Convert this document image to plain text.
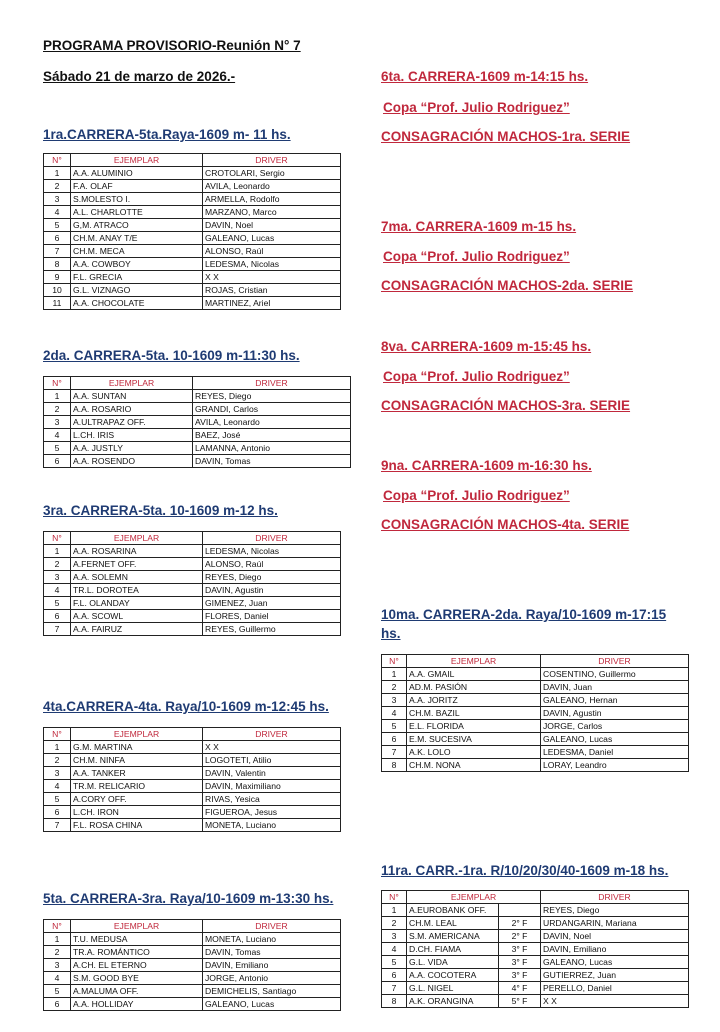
PROGRAMA PROVISORIO-Reunión N° 7
Sábado 21 de marzo de 2026.-
1ra.CARRERA-5ta.Raya-1609 m- 11 hs.
N°	EJEMPLAR	DRIVER
1	A.A. ALUMINIO	CROTOLARI, Sergio
2	F.A. OLAF	AVILA, Leonardo
3	S.MOLESTO I.	ARMELLA, Rodolfo
4	A.L. CHARLOTTE	MARZANO, Marco
5	G,M. ATRACO	DAVIN, Noel
6	CH.M. ANAY T/E	GALEANO, Lucas
7	CH.M. MECA	ALONSO, Raúl
8	A.A. COWBOY	LEDESMA, Nicolas
9	F.L. GRECIA	X X
10	G.L. VIZNAGO	ROJAS, Cristian
11	A.A. CHOCOLATE	MARTINEZ, Ariel
2da. CARRERA-5ta. 10-1609 m-11:30 hs.
N°	EJEMPLAR	DRIVER
1	A.A. SUNTAN	REYES, Diego
2	A.A. ROSARIO	GRANDI, Carlos
3	A.ULTRAPAZ OFF.	AVILA, Leonardo
4	L.CH. IRIS	BAEZ, José
5	A.A. JUSTLY	LAMANNA, Antonio
6	A.A. ROSENDO	DAVIN, Tomas
3ra. CARRERA-5ta. 10-1609 m-12 hs.
N°	EJEMPLAR	DRIVER
1	A.A. ROSARINA	LEDESMA, Nicolas
2	A.FERNET OFF.	ALONSO, Raúl
3	A.A. SOLEMN	REYES, Diego
4	TR.L. DOROTEA	DAVIN, Agustin
5	F.L. OLANDAY	GIMENEZ, Juan
6	A.A. SCOWL	FLORES, Daniel
7	A.A. FAIRUZ	REYES, Guillermo
4ta.CARRERA-4ta. Raya/10-1609 m-12:45 hs.
N°	EJEMPLAR	DRIVER
1	G.M. MARTINA	X X
2	CH.M. NINFA	LOGOTETI, Atilio
3	A.A. TANKER	DAVIN, Valentin
4	TR.M. RELICARIO	DAVIN, Maximiliano
5	A.CORY OFF.	RIVAS, Yesica
6	L.CH. IRON	FIGUEROA, Jesus
7	F.L. ROSA CHINA	MONETA, Luciano
5ta. CARRERA-3ra. Raya/10-1609 m-13:30 hs.
N°	EJEMPLAR	DRIVER
1	T.U. MEDUSA	MONETA, Luciano
2	TR.A. ROMÁNTICO	DAVIN, Tomas
3	A.CH. EL ETERNO	DAVIN, Emiliano
4	S.M. GOOD BYE	JORGE, Antonio
5	A.MALUMA OFF.	DEMICHELIS, Santiago
6	A.A. HOLLIDAY	GALEANO, Lucas
6ta. CARRERA-1609 m-14:15 hs.
Copa “Prof. Julio Rodriguez”
CONSAGRACIÓN MACHOS-1ra. SERIE
7ma. CARRERA-1609 m-15 hs.
Copa “Prof. Julio Rodriguez”
CONSAGRACIÓN MACHOS-2da. SERIE
8va. CARRERA-1609 m-15:45 hs.
Copa “Prof. Julio Rodriguez”
CONSAGRACIÓN MACHOS-3ra. SERIE
9na. CARRERA-1609 m-16:30 hs.
Copa “Prof. Julio Rodriguez”
CONSAGRACIÓN MACHOS-4ta. SERIE
10ma. CARRERA-2da. Raya/10-1609 m-17:15
hs.
N°	EJEMPLAR	DRIVER
1	A.A. GMAIL	COSENTINO, Guillermo
2	AD.M. PASIÓN	DAVIN, Juan
3	A.A. JORITZ	GALEANO, Hernan
4	CH.M. BAZIL	DAVIN, Agustin
5	E.L. FLORIDA	JORGE, Carlos
6	E.M. SUCESIVA	GALEANO, Lucas
7	A.K. LOLO	LEDESMA, Daniel
8	CH.M. NONA	LORAY, Leandro
11ra. CARR.-1ra. R/10/20/30/40-1609 m-18 hs.
N°	EJEMPLAR		DRIVER
1	A.EUROBANK OFF.		REYES, Diego
2	CH.M. LEAL	2° F	URDANGARIN, Mariana
3	S.M. AMERICANA	2° F	DAVIN, Noel
4	D.CH. FIAMA	3° F	DAVIN, Emiliano
5	G.L. VIDA	3° F	GALEANO, Lucas
6	A.A. COCOTERA	3° F	GUTIERREZ, Juan
7	G.L. NIGEL	4° F	PERELLO, Daniel
8	A.K. ORANGINA	5° F	X X
